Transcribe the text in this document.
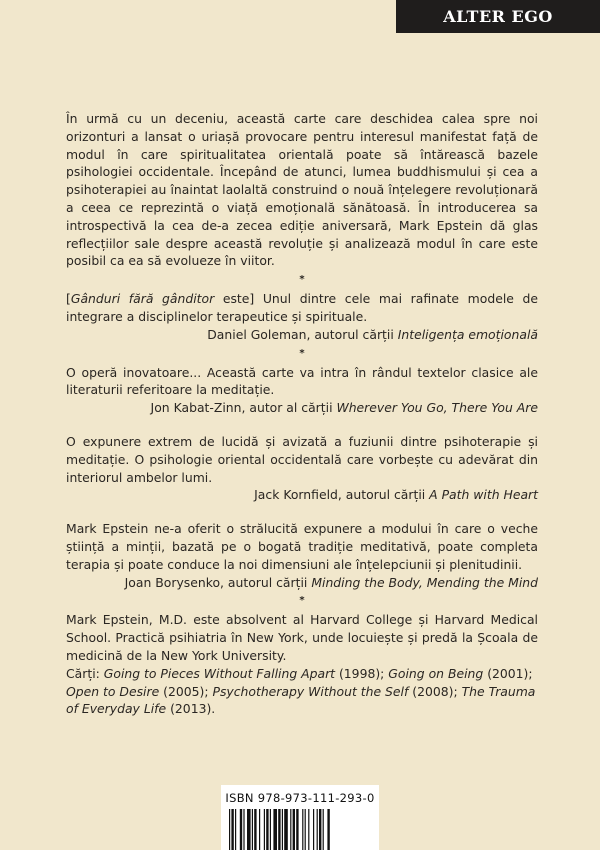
ALTER EGO

În urmă cu un deceniu, această carte care deschidea calea spre noi orizonturi a lansat o uriașă provocare pentru interesul manifestat față de modul în care spiritualitatea orientală poate să întărească bazele psihologiei occidentale. Începând de atunci, lumea buddhismului și cea a psihoterapiei au înaintat laolaltă construind o nouă înțelegere revoluționară a ceea ce reprezintă o viață emoțională sănătoasă. În introducerea sa introspectivă la cea de-a zecea ediție aniversară, Mark Epstein dă glas reflecțiilor sale despre această revoluție și analizează modul în care este posibil ca ea să evolueze în viitor.

*

[Gânduri fără gânditor este] Unul dintre cele mai rafinate modele de integrare a disciplinelor terapeutice și spirituale.

Daniel Goleman, autorul cărții Inteligența emoțională

*

O operă inovatoare... Această carte va intra în rândul textelor clasice ale literaturii referitoare la meditație.

Jon Kabat-Zinn, autor al cărții Wherever You Go, There You Are

O expunere extrem de lucidă și avizată a fuziunii dintre psihoterapie și meditație. O psihologie oriental occidentală care vorbește cu adevărat din interiorul ambelor lumi.

Jack Kornfield, autorul cărții A Path with Heart

Mark Epstein ne-a oferit o strălucită expunere a modului în care o veche știință a minții, bazată pe o bogată tradiție meditativă, poate completa terapia și poate conduce la noi dimensiuni ale înțelepciunii și plenitudinii.

Joan Borysenko, autorul cărții Minding the Body, Mending the Mind

*

Mark Epstein, M.D. este absolvent al Harvard College și Harvard Medical School. Practică psihiatria în New York, unde locuiește și predă la Școala de medicină de la New York University.

Cărți: Going to Pieces Without Falling Apart (1998); Going on Being (2001); Open to Desire (2005); Psychotherapy Without the Self (2008); The Trauma of Everyday Life (2013).

ISBN 978-973-111-293-0
